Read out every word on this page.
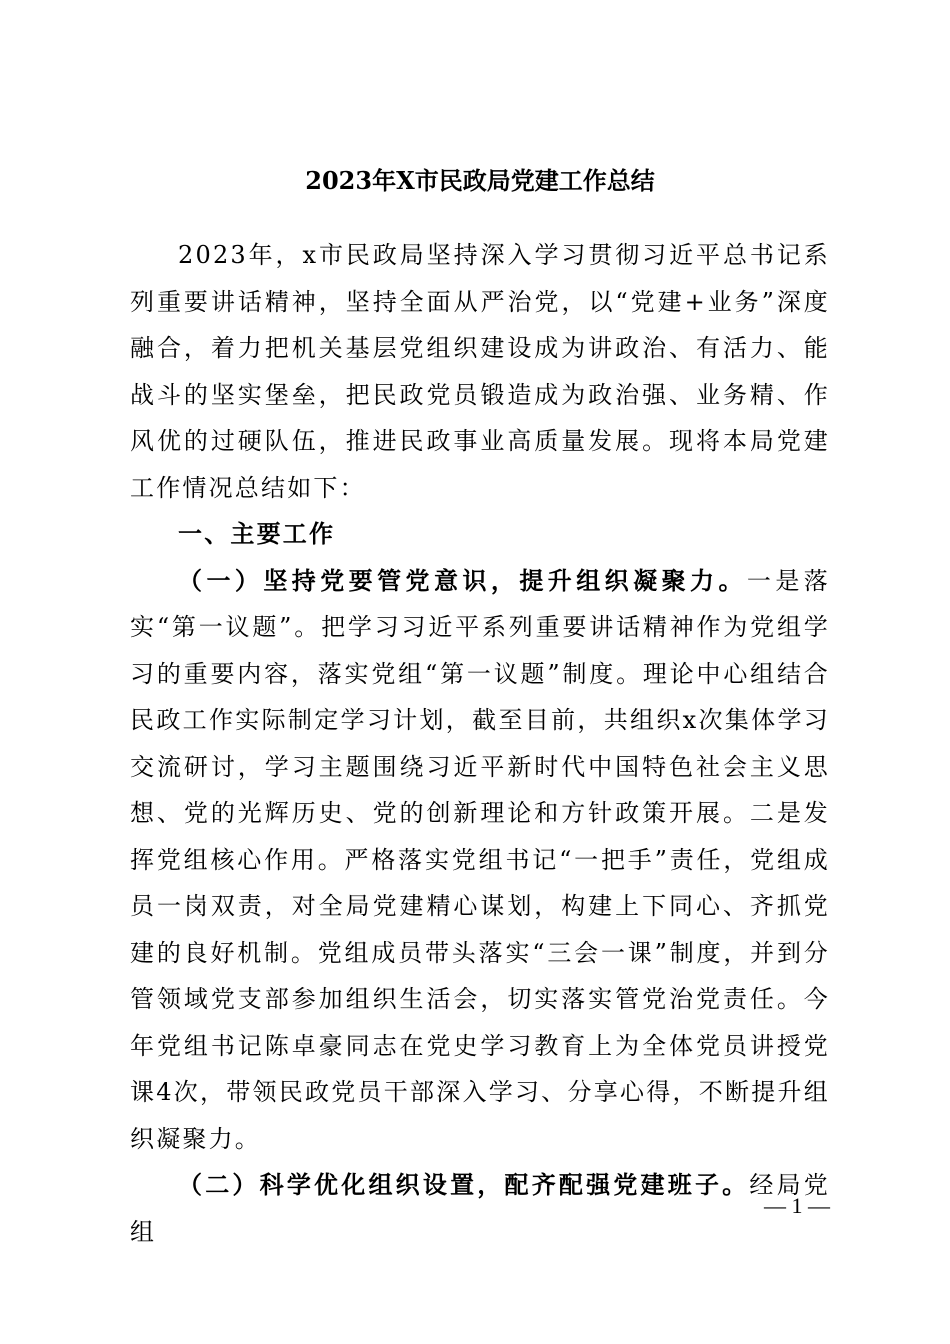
2023年X市民政局党建工作总结

2023年，x市民政局坚持深入学习贯彻习近平总书记系列重要讲话精神，坚持全面从严治党，以“党建+业务”深度融合，着力把机关基层党组织建设成为讲政治、有活力、能战斗的坚实堡垒，把民政党员锻造成为政治强、业务精、作风优的过硬队伍，推进民政事业高质量发展。现将本局党建工作情况总结如下：

一、主要工作

（一）坚持党要管党意识，提升组织凝聚力。一是落实“第一议题”。把学习习近平系列重要讲话精神作为党组学习的重要内容，落实党组“第一议题”制度。理论中心组结合民政工作实际制定学习计划，截至目前，共组织x次集体学习交流研讨，学习主题围绕习近平新时代中国特色社会主义思想、党的光辉历史、党的创新理论和方针政策开展。二是发挥党组核心作用。严格落实党组书记“一把手”责任，党组成员一岗双责，对全局党建精心谋划，构建上下同心、齐抓党建的良好机制。党组成员带头落实“三会一课”制度，并到分管领域党支部参加组织生活会，切实落实管党治党责任。今年党组书记陈卓豪同志在党史学习教育上为全体党员讲授党课4次，带领民政党员干部深入学习、分享心得，不断提升组织凝聚力。

（二）科学优化组织设置，配齐配强党建班子。经局党组

— 1 —
